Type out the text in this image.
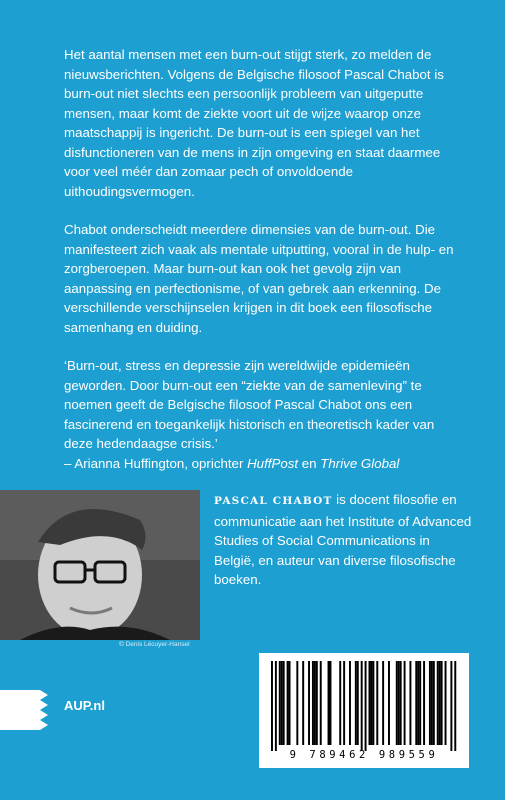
Het aantal mensen met een burn-out stijgt sterk, zo melden de nieuwsberichten. Volgens de Belgische filosoof Pascal Chabot is burn-out niet slechts een persoonlijk probleem van uitgeputte mensen, maar komt de ziekte voort uit de wijze waarop onze maatschappij is ingericht. De burn-out is een spiegel van het disfunctioneren van de mens in zijn omgeving en staat daarmee voor veel méér dan zomaar pech of onvoldoende uithoudingsvermogen.

Chabot onderscheidt meerdere dimensies van de burn-out. Die manifesteert zich vaak als mentale uitputting, vooral in de hulp- en zorgberoepen. Maar burn-out kan ook het gevolg zijn van aanpassing en perfectionisme, of van gebrek aan erkenning. De verschillende verschijnselen krijgen in dit boek een filosofische samenhang en duiding.

‘Burn-out, stress en depressie zijn wereldwijde epidemieën geworden. Door burn-out een “ziekte van de samenleving” te noemen geeft de Belgische filosoof Pascal Chabot ons een fascinerend en toegankelijk historisch en theoretisch kader van deze hedendaagse crisis.’
– Arianna Huffington, oprichter HuffPost en Thrive Global

© Denis Lécuyer-Hansel
PASCAL CHABOT is docent filosofie en communicatie aan het Institute of Advanced Studies of Social Communications in België, en auteur van diverse filosofische boeken.
AUP.nl
9 789462 989559
